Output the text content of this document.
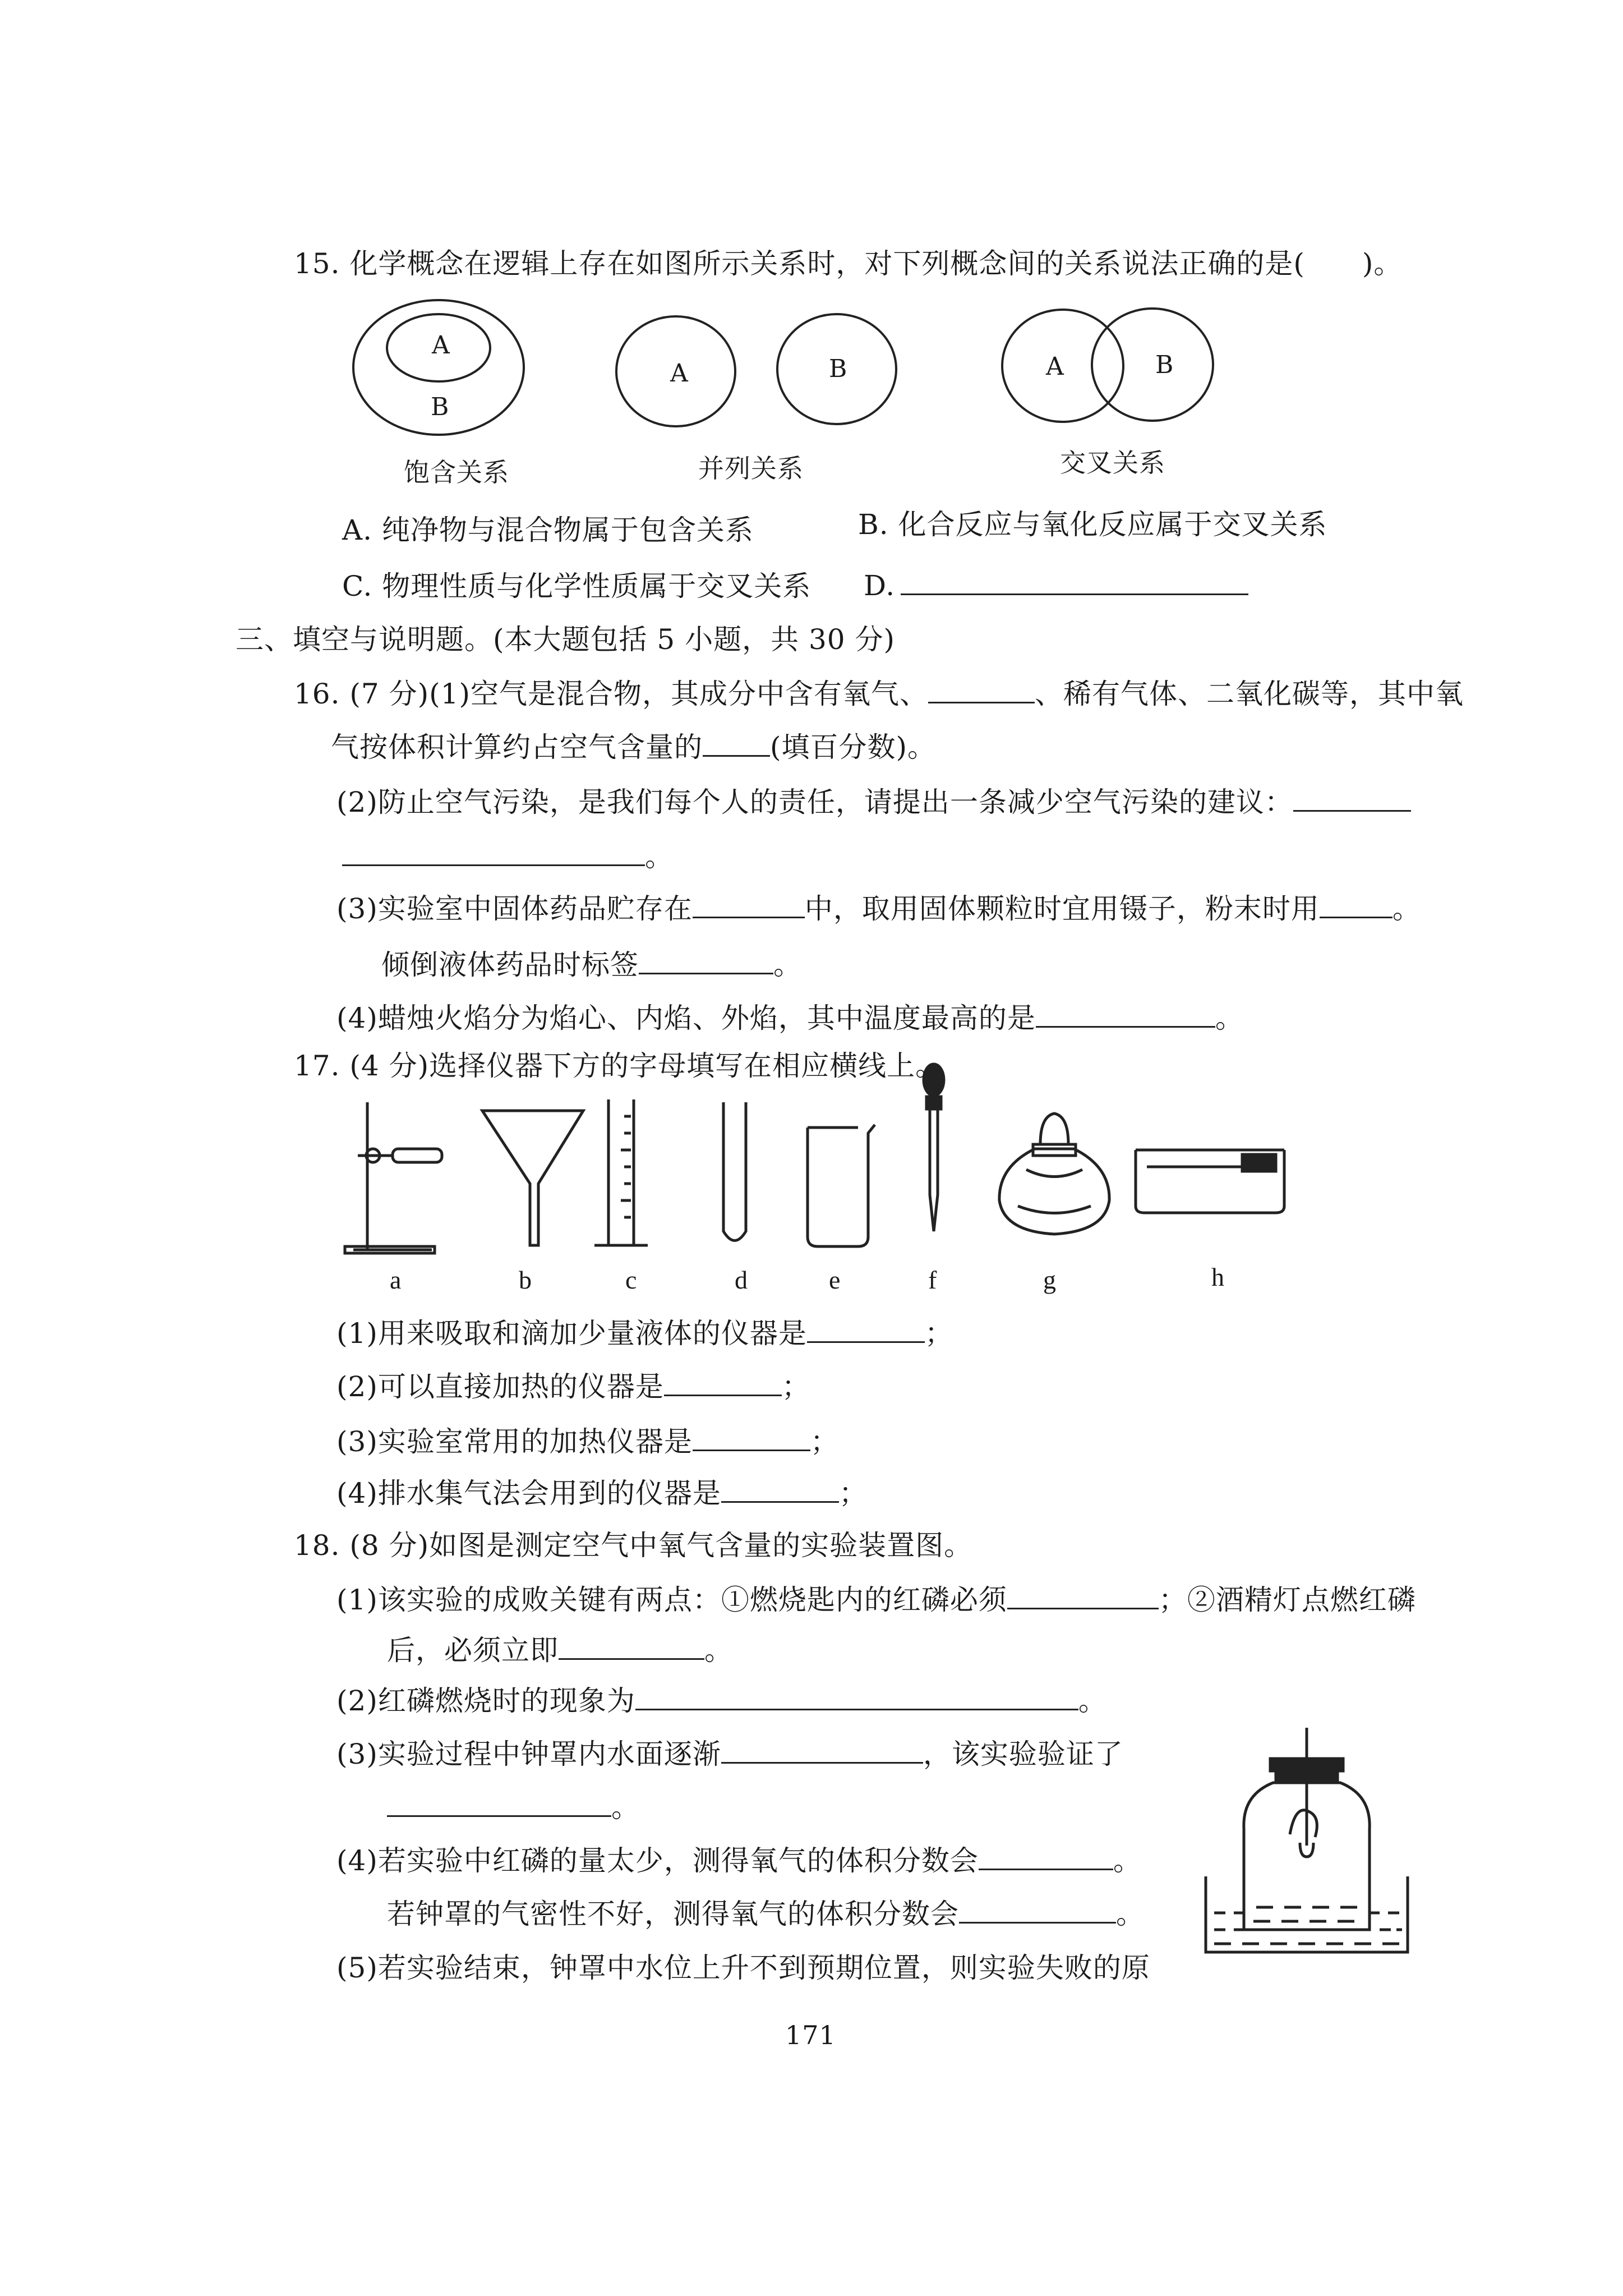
15. 化学概念在逻辑上存在如图所示关系时，对下列概念间的关系说法正确的是(　　)。
A
B
A	B	A	B
饱含关系	并列关系	交叉关系
A. 纯净物与混合物属于包含关系	B. 化合反应与氧化反应属于交叉关系
C. 物理性质与化学性质属于交叉关系 D.
三、填空与说明题。(本大题包括 5 小题，共 30 分)
16. (7 分)(1)空气是混合物，其成分中含有氧气、	、稀有气体、二氧化碳等，其中氧
气按体积计算约占空气含量的 (填百分数)。
(2)防止空气污染，是我们每个人的责任，请提出一条减少空气污染的建议：
。
(3)实验室中固体药品贮存在	中，取用固体颗粒时宜用镊子，粉末时用	。
倾倒液体药品时标签	。
(4)蜡烛火焰分为焰心、内焰、外焰，其中温度最高的是	。
17. (4 分)选择仪器下方的字母填写在相应横线上。
a	b	c	d	e	f	g	h
(1)用来吸取和滴加少量液体的仪器是	；
(2)可以直接加热的仪器是	；
(3)实验室常用的加热仪器是	；
(4)排水集气法会用到的仪器是	；
18. (8 分)如图是测定空气中氧气含量的实验装置图。
(1)该实验的成败关键有两点：①燃烧匙内的红磷必须	；②酒精灯点燃红磷
后，必须立即	。
(2)红磷燃烧时的现象为	。
(3)实验过程中钟罩内水面逐渐	，该实验验证了
。
(4)若实验中红磷的量太少，测得氧气的体积分数会	。
若钟罩的气密性不好，测得氧气的体积分数会	。
(5)若实验结束，钟罩中水位上升不到预期位置，则实验失败的原
171
